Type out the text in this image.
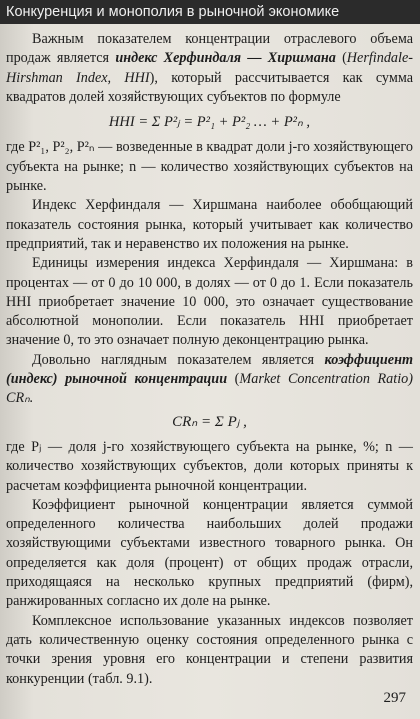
Конкуренция и монополия в рыночной экономике

Важным показателем концентрации отраслевого объема продаж является индекс Херфиндаля — Хиршмана (Herfindale-Hirshman Index, HHI), который рассчитывается как сумма квадратов долей хозяйствующих субъектов по формуле

HHI = Σ P²ⱼ = P²₁ + P²₂ … + P²ₙ ,

где P²₁, P²₂, P²ₙ — возведенные в квадрат доли j-го хозяйствующего субъекта на рынке; n — количество хозяйствующих субъектов на рынке.

Индекс Херфиндаля — Хиршмана наиболее обобщающий показатель состояния рынка, который учитывает как количество предприятий, так и неравенство их положения на рынке.

Единицы измерения индекса Херфиндаля — Хиршмана: в процентах — от 0 до 10 000, в долях — от 0 до 1. Если показатель HHI приобретает значение 10 000, это означает существование абсолютной монополии. Если показатель HHI приобретает значение 0, то это означает полную деконцентрацию рынка.

Довольно наглядным показателем является коэффициент (индекс) рыночной концентрации (Market Concentration Ratio) CRₙ.

CRₙ = Σ Pⱼ ,

где Pⱼ — доля j-го хозяйствующего субъекта на рынке, %; n — количество хозяйствующих субъектов, доли которых приняты к расчетам коэффициента рыночной концентрации.

Коэффициент рыночной концентрации является суммой определенного количества наибольших долей продажи хозяйствующими субъектами известного товарного рынка. Он определяется как доля (процент) от общих продаж отрасли, приходящаяся на несколько крупных предприятий (фирм), ранжированных согласно их доле на рынке.

Комплексное использование указанных индексов позволяет дать количественную оценку состояния определенного рынка с точки зрения уровня его концентрации и степени развития конкуренции (табл. 9.1).

297
